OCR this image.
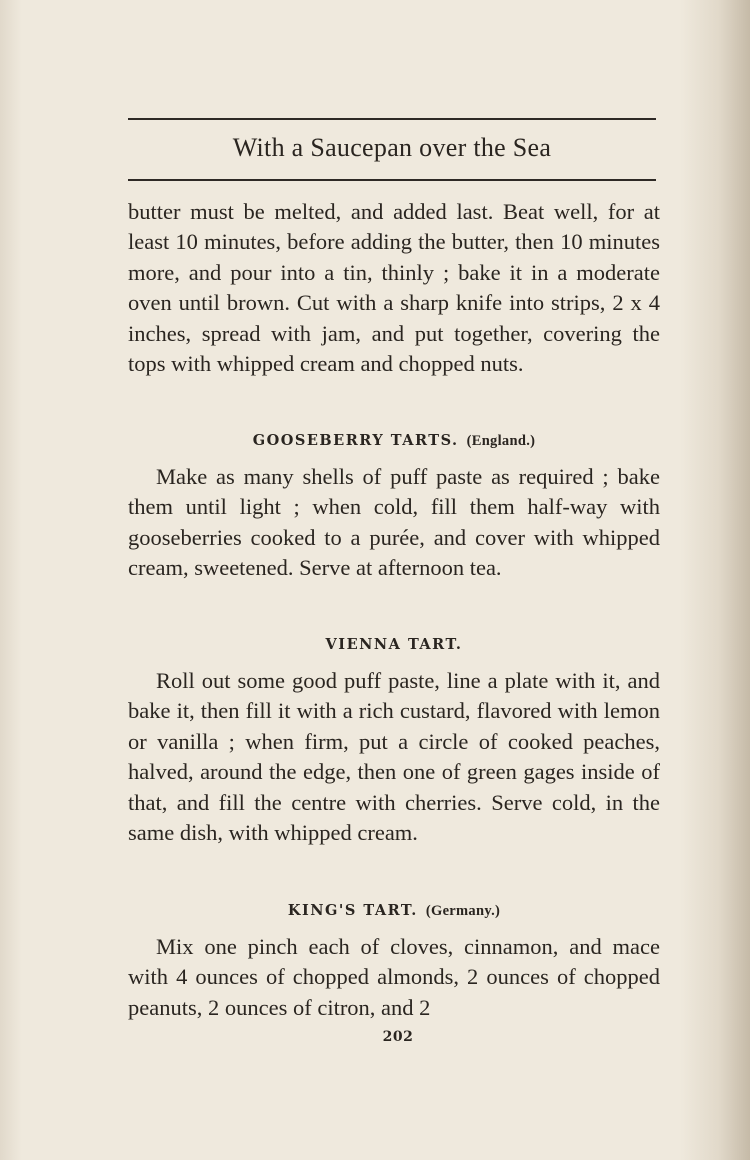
With a Saucepan over the Sea

butter must be melted, and added last. Beat well, for at least 10 minutes, before adding the butter, then 10 minutes more, and pour into a tin, thinly ; bake it in a moderate oven until brown. Cut with a sharp knife into strips, 2 x 4 inches, spread with jam, and put together, covering the tops with whipped cream and chopped nuts.

GOOSEBERRY TARTS. (England.)

Make as many shells of puff paste as required ; bake them until light ; when cold, fill them half-way with gooseberries cooked to a purée, and cover with whipped cream, sweetened. Serve at afternoon tea.

VIENNA TART.

Roll out some good puff paste, line a plate with it, and bake it, then fill it with a rich custard, flavored with lemon or vanilla ; when firm, put a circle of cooked peaches, halved, around the edge, then one of green gages inside of that, and fill the centre with cherries. Serve cold, in the same dish, with whipped cream.

KING'S TART. (Germany.)

Mix one pinch each of cloves, cinnamon, and mace with 4 ounces of chopped almonds, 2 ounces of chopped peanuts, 2 ounces of citron, and 2

202
